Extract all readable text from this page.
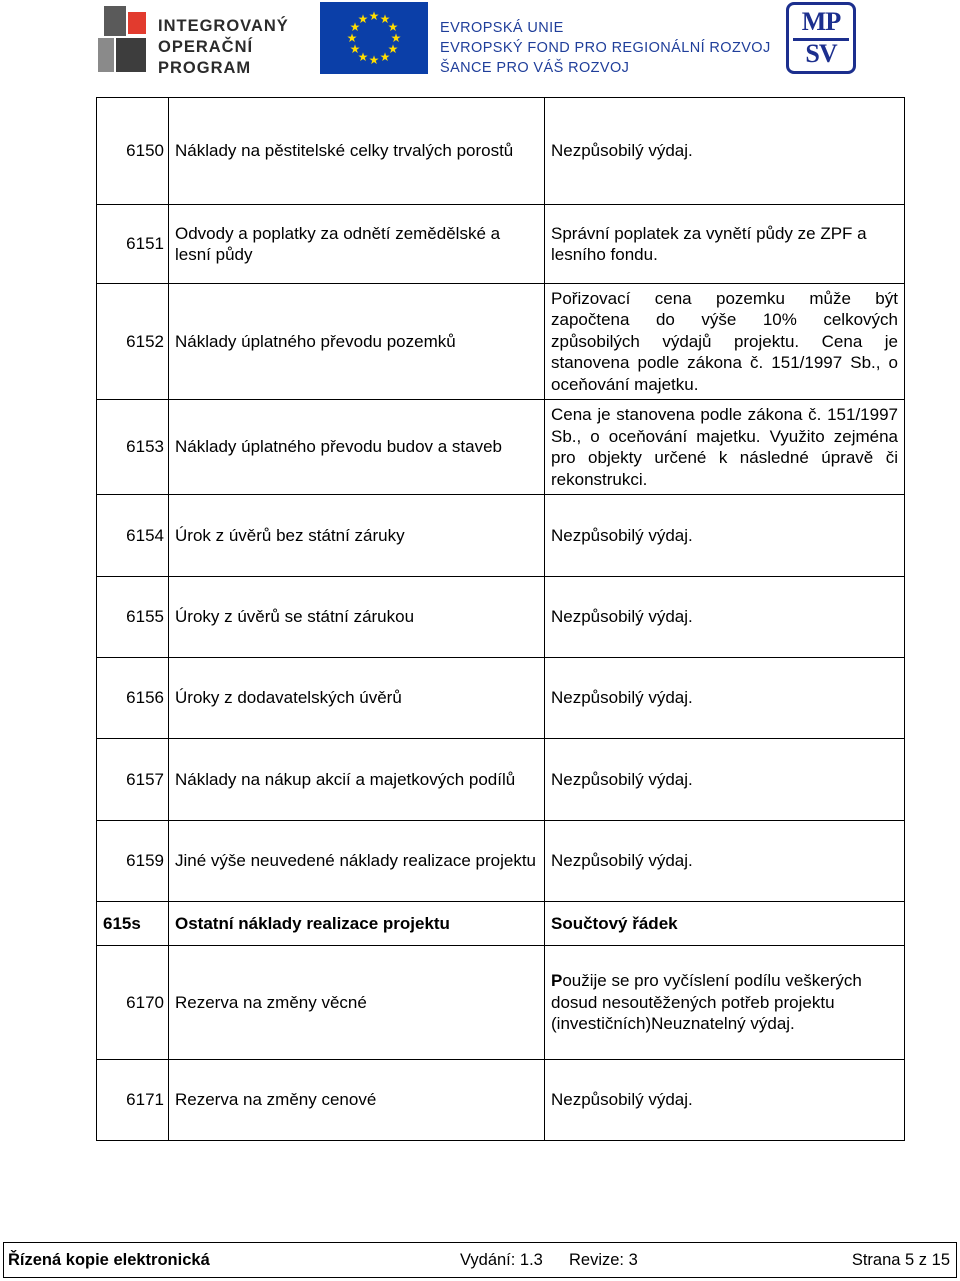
INTEGROVANÝ
OPERAČNÍ
PROGRAM
★ ★
★
★
★
★
★
★
★
★
★
★
EVROPSKÁ UNIE
EVROPSKÝ FOND PRO REGIONÁLNÍ ROZVOJ
ŠANCE PRO VÁŠ ROZVOJ
MP
SV
6150	Náklady na pěstitelské celky trvalých porostů	Nezpůsobilý výdaj.
6151	Odvody a poplatky za odnětí zemědělské a lesní půdy	Správní poplatek za vynětí půdy ze ZPF a lesního fondu.
6152	Náklady úplatného převodu pozemků	Pořizovací cena pozemku může být započtena do výše 10% celkových způsobilých výdajů projektu. Cena je stanovena podle zákona č. 151/1997 Sb., o oceňování majetku.
6153	Náklady úplatného převodu budov a staveb	Cena je stanovena podle zákona č. 151/1997 Sb., o oceňování majetku. Využito zejména pro objekty určené k následné úpravě či rekonstrukci.
6154	Úrok z úvěrů bez státní záruky	Nezpůsobilý výdaj.
6155	Úroky z úvěrů se státní zárukou	Nezpůsobilý výdaj.
6156	Úroky z dodavatelských úvěrů	Nezpůsobilý výdaj.
6157	Náklady na nákup akcií a majetkových podílů	Nezpůsobilý výdaj.
6159	Jiné výše neuvedené náklady realizace projektu	Nezpůsobilý výdaj.
615s	Ostatní náklady realizace projektu	Součtový řádek
6170	Rezerva na změny věcné	Použije se pro vyčíslení podílu veškerých dosud nesoutěžených potřeb projektu (investičních)Neuznatelný výdaj.
6171	Rezerva na změny cenové	Nezpůsobilý výdaj.
Řízená kopie elektronická	Vydání: 1.3 Revize: 3	Strana 5 z 15
